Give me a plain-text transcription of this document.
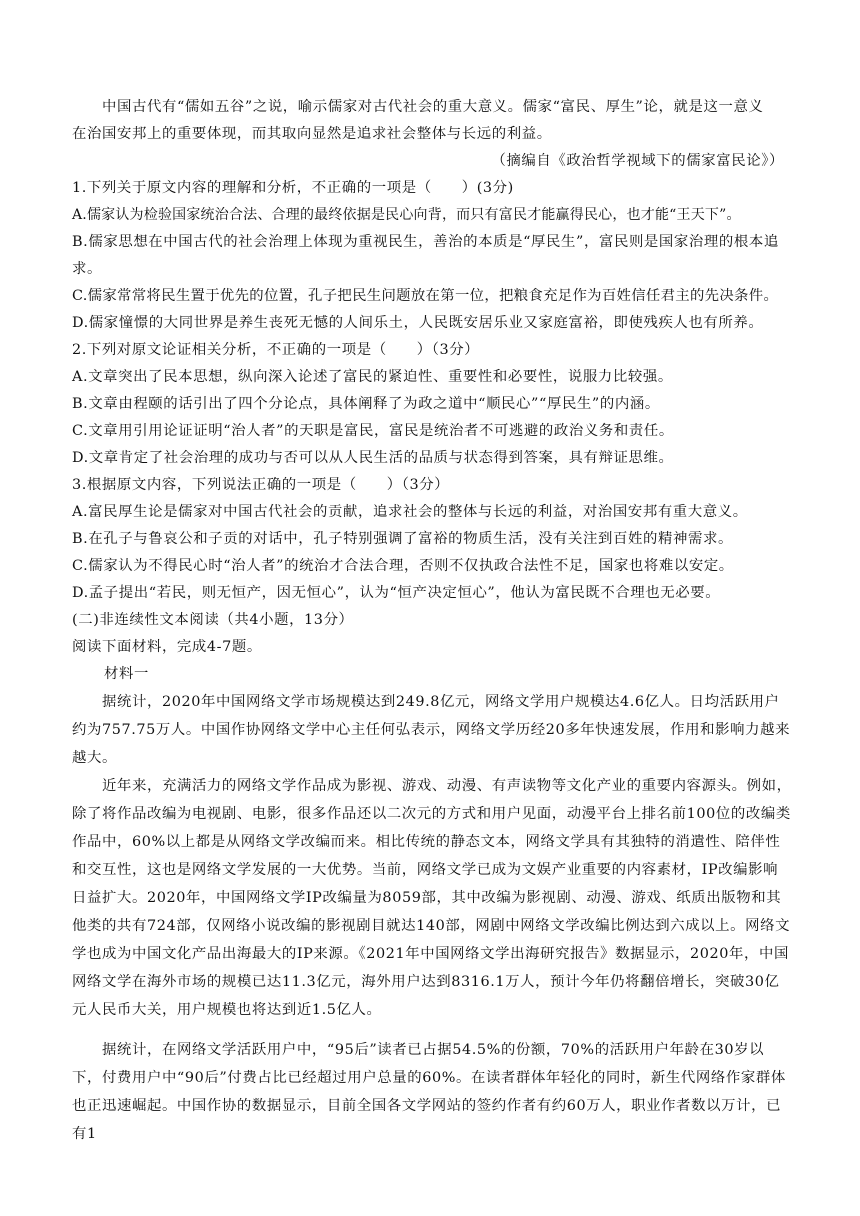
中国古代有“儒如五谷”之说，喻示儒家对古代社会的重大意义。儒家“富民、厚生”论，就是这一意义

在治国安邦上的重要体现，而其取向显然是追求社会整体与长远的利益。

（摘编自《政治哲学视域下的儒家富民论》）

1.下列关于原文内容的理解和分析，不正确的一项是（　　）(3分)

A.儒家认为检验国家统治合法、合理的最终依据是民心向背，而只有富民才能赢得民心，也才能“王天下”。

B.儒家思想在中国古代的社会治理上体现为重视民生，善治的本质是“厚民生”，富民则是国家治理的根本追求。

C.儒家常常将民生置于优先的位置，孔子把民生问题放在第一位，把粮食充足作为百姓信任君主的先决条件。

D.儒家憧憬的大同世界是养生丧死无憾的人间乐土，人民既安居乐业又家庭富裕，即使残疾人也有所养。

2.下列对原文论证相关分析，不正确的一项是（　　）（3分）

A.文章突出了民本思想，纵向深入论述了富民的紧迫性、重要性和必要性，说服力比较强。

B.文章由程颐的话引出了四个分论点，具体阐释了为政之道中“顺民心”“厚民生”的内涵。

C.文章用引用论证证明“治人者”的天职是富民，富民是统治者不可逃避的政治义务和责任。

D.文章肯定了社会治理的成功与否可以从人民生活的品质与状态得到答案，具有辩证思维。

3.根据原文内容，下列说法正确的一项是（　　）（3分）

A.富民厚生论是儒家对中国古代社会的贡献，追求社会的整体与长远的利益，对治国安邦有重大意义。

B.在孔子与鲁哀公和子贡的对话中，孔子特别强调了富裕的物质生活，没有关注到百姓的精神需求。

C.儒家认为不得民心时“治人者”的统治才合法合理，否则不仅执政合法性不足，国家也将难以安定。

D.孟子提出“若民，则无恒产，因无恒心”，认为“恒产决定恒心”，他认为富民既不合理也无必要。

(二)非连续性文本阅读（共4小题，13分）

阅读下面材料，完成4-7题。

材料一

据统计，2020年中国网络文学市场规模达到249.8亿元，网络文学用户规模达4.6亿人。日均活跃用户约为757.75万人。中国作协网络文学中心主任何弘表示，网络文学历经20多年快速发展，作用和影响力越来越大。

近年来，充满活力的网络文学作品成为影视、游戏、动漫、有声读物等文化产业的重要内容源头。例如，除了将作品改编为电视剧、电影，很多作品还以二次元的方式和用户见面，动漫平台上排名前100位的改编类作品中，60%以上都是从网络文学改编而来。相比传统的静态文本，网络文学具有其独特的消遣性、陪伴性和交互性，这也是网络文学发展的一大优势。当前，网络文学已成为文娱产业重要的内容素材，IP改编影响日益扩大。2020年，中国网络文学IP改编量为8059部，其中改编为影视剧、动漫、游戏、纸质出版物和其他类的共有724部，仅网络小说改编的影视剧目就达140部，网剧中网络文学改编比例达到六成以上。网络文学也成为中国文化产品出海最大的IP来源。《2021年中国网络文学出海研究报告》数据显示，2020年，中国网络文学在海外市场的规模已达11.3亿元，海外用户达到8316.1万人，预计今年仍将翻倍增长，突破30亿元人民币大关，用户规模也将达到近1.5亿人。

据统计，在网络文学活跃用户中，“95后”读者已占据54.5%的份额，70%的活跃用户年龄在30岁以下，付费用户中“90后”付费占比已经超过用户总量的60%。在读者群体年轻化的同时，新生代网络作家群体也正迅速崛起。中国作协的数据显示，目前全国各文学网站的签约作者有约60万人，职业作者数以万计，已有1
